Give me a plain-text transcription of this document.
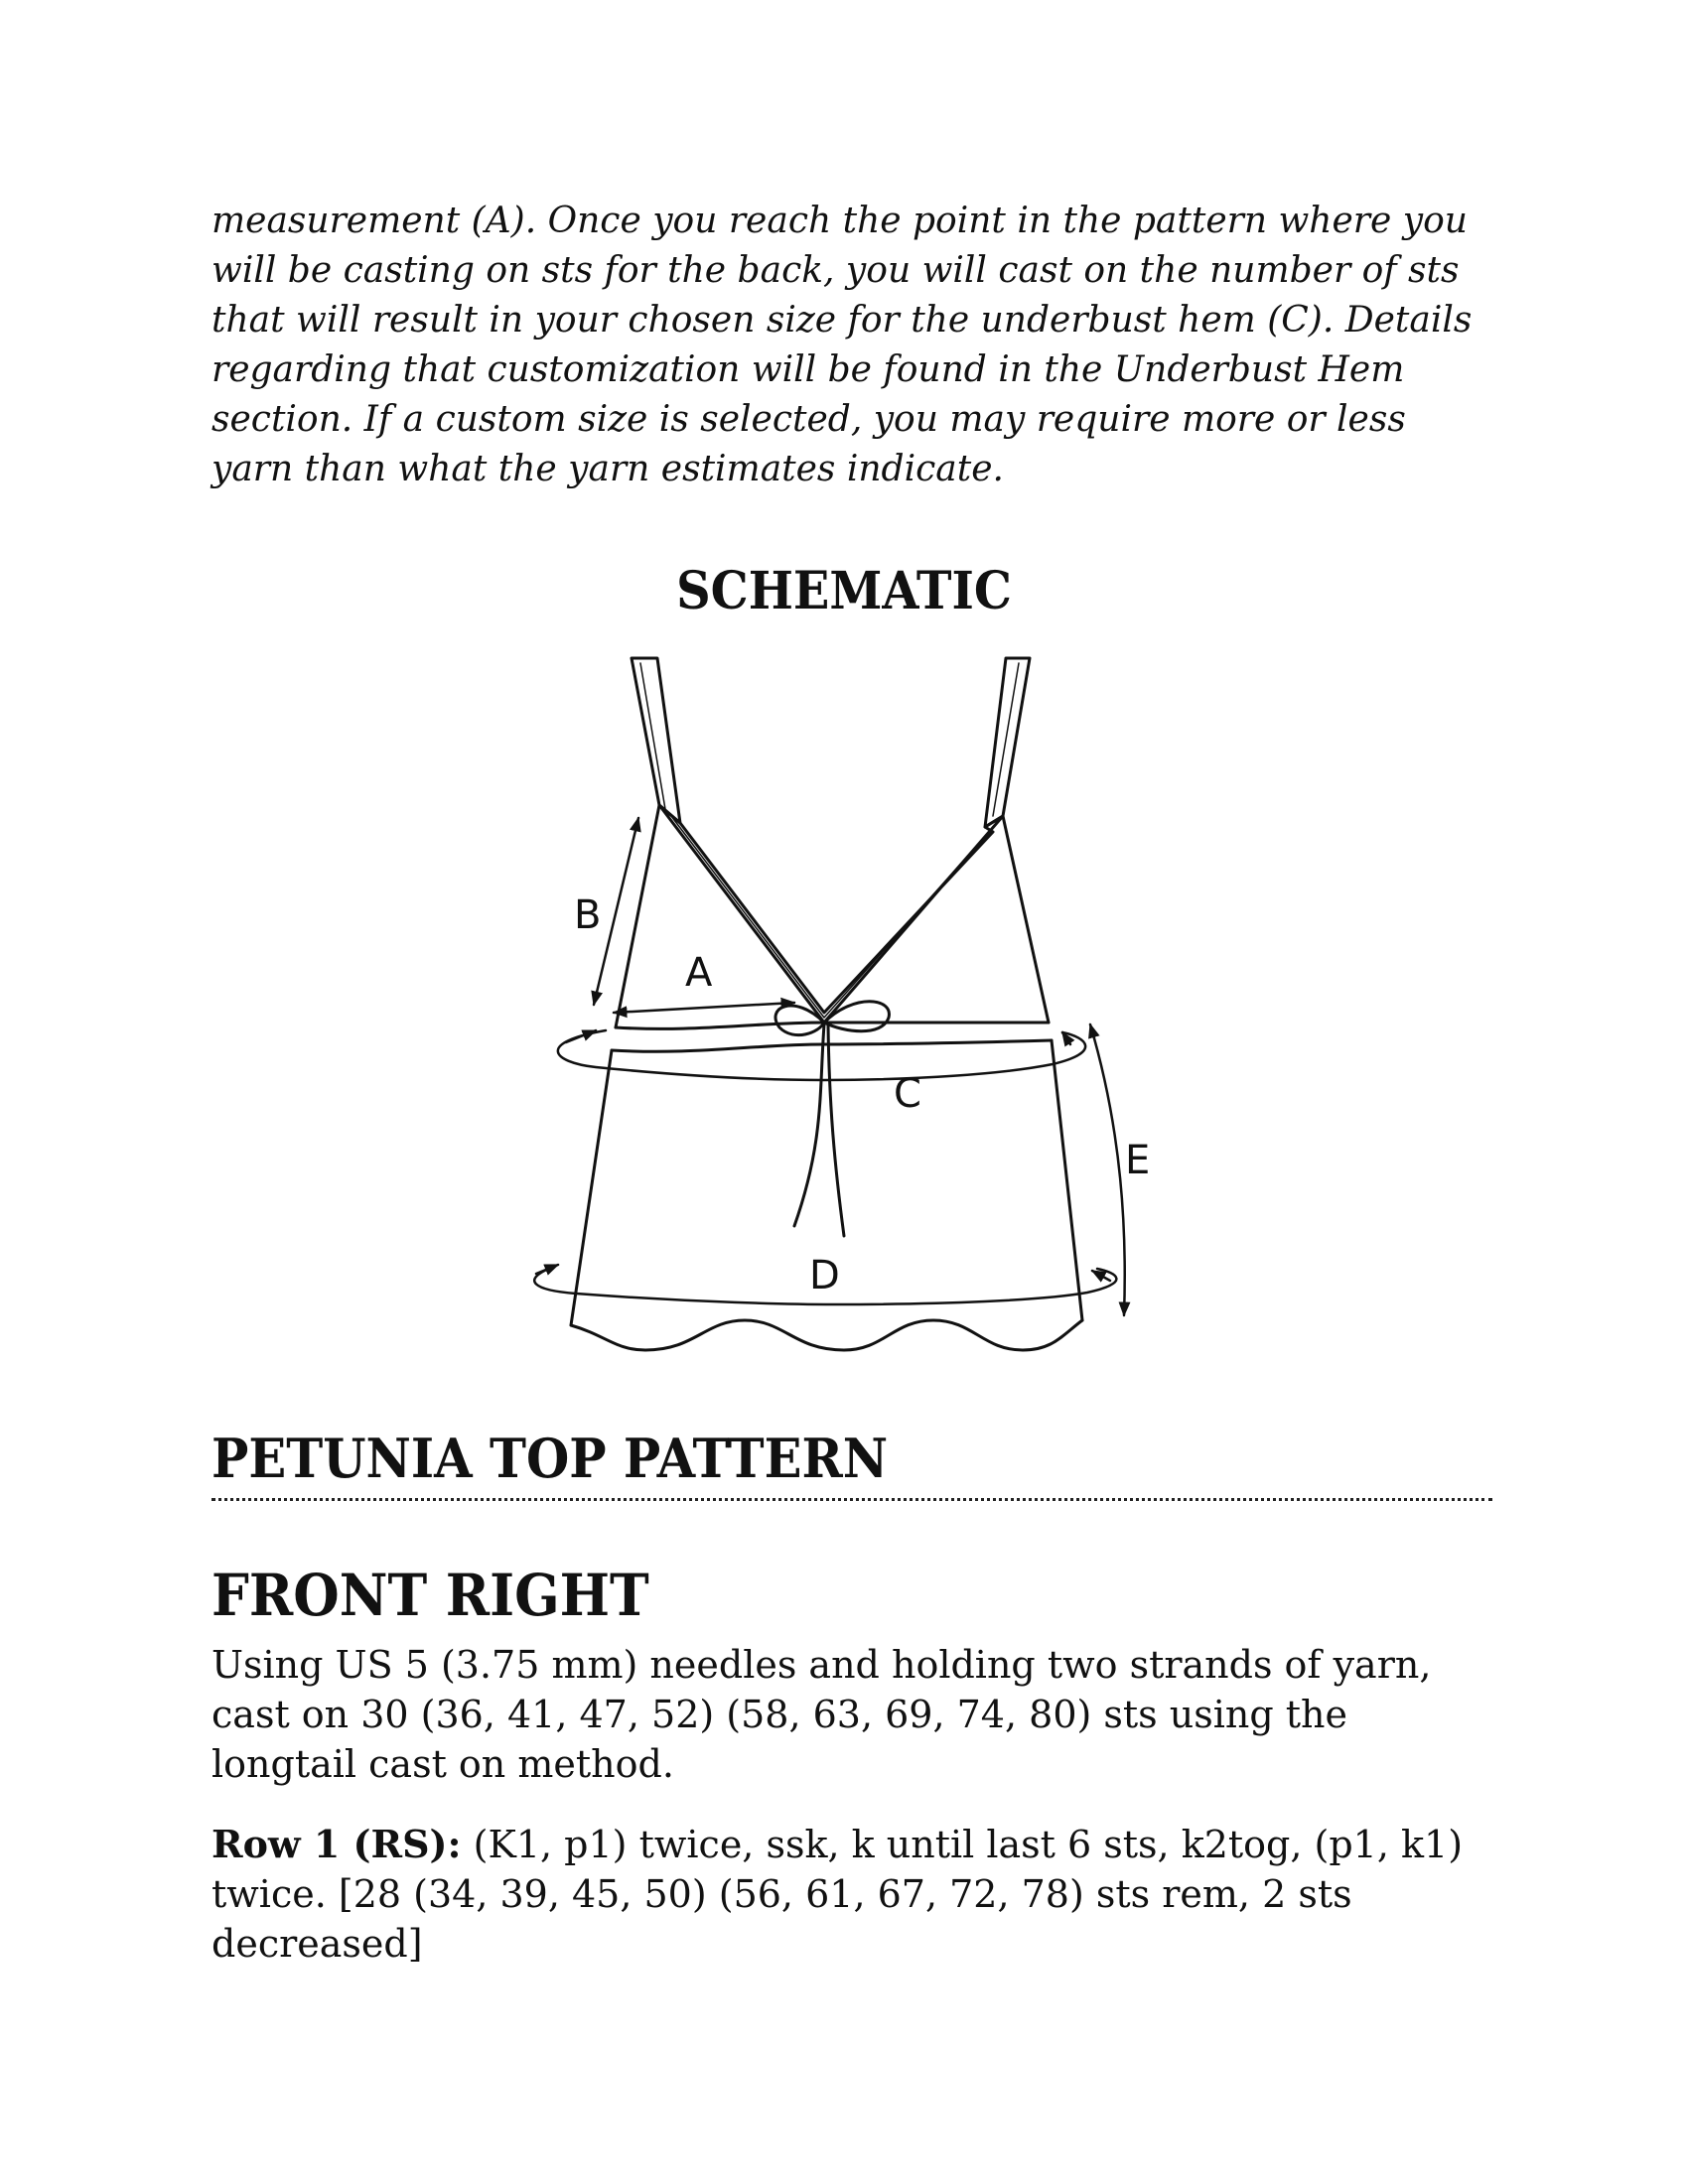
measurement (A). Once you reach the point in the pattern where you will be casting on sts for the back, you will cast on the number of sts that will result in your chosen size for the underbust hem (C). Details regarding that customization will be found in the Underbust Hem section. If a custom size is selected, you may require more or less yarn than what the yarn estimates indicate.

SCHEMATIC
A
B
C
D
E
PETUNIA TOP PATTERN
FRONT RIGHT

Using US 5 (3.75 mm) needles and holding two strands of yarn, cast on 30 (36, 41, 47, 52) (58, 63, 69, 74, 80) sts using the longtail cast on method.

Row 1 (RS): (K1, p1) twice, ssk, k until last 6 sts, k2tog, (p1, k1) twice. [28 (34, 39, 45, 50) (56, 61, 67, 72, 78) sts rem, 2 sts decreased]
